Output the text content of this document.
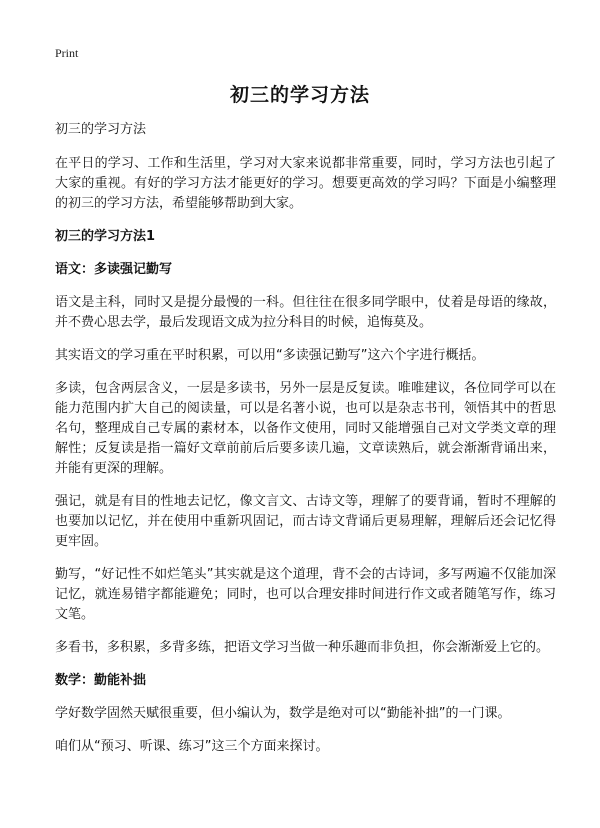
Print
初三的学习方法
初三的学习方法

在平日的学习、工作和生活里，学习对大家来说都非常重要，同时，学习方法也引起了大家的重视。有好的学习方法才能更好的学习。想要更高效的学习吗？下面是小编整理的初三的学习方法，希望能够帮助到大家。

初三的学习方法1
语文：多读强记勤写

语文是主科，同时又是提分最慢的一科。但往往在很多同学眼中，仗着是母语的缘故，并不费心思去学，最后发现语文成为拉分科目的时候，追悔莫及。

其实语文的学习重在平时积累，可以用“多读强记勤写”这六个字进行概括。

多读，包含两层含义，一层是多读书，另外一层是反复读。唯唯建议，各位同学可以在能力范围内扩大自己的阅读量，可以是名著小说，也可以是杂志书刊，领悟其中的哲思名句，整理成自己专属的素材本，以备作文使用，同时又能增强自己对文学类文章的理解性；反复读是指一篇好文章前前后后要多读几遍，文章读熟后，就会渐渐背诵出来，并能有更深的理解。

强记，就是有目的性地去记忆，像文言文、古诗文等，理解了的要背诵，暂时不理解的也要加以记忆，并在使用中重新巩固记，而古诗文背诵后更易理解，理解后还会记忆得更牢固。

勤写，“好记性不如烂笔头”其实就是这个道理，背不会的古诗词，多写两遍不仅能加深记忆，就连易错字都能避免；同时，也可以合理安排时间进行作文或者随笔写作，练习文笔。

多看书，多积累，多背多练，把语文学习当做一种乐趣而非负担，你会渐渐爱上它的。

数学：勤能补拙

学好数学固然天赋很重要，但小编认为，数学是绝对可以“勤能补拙”的一门课。

咱们从“预习、听课、练习”这三个方面来探讨。
